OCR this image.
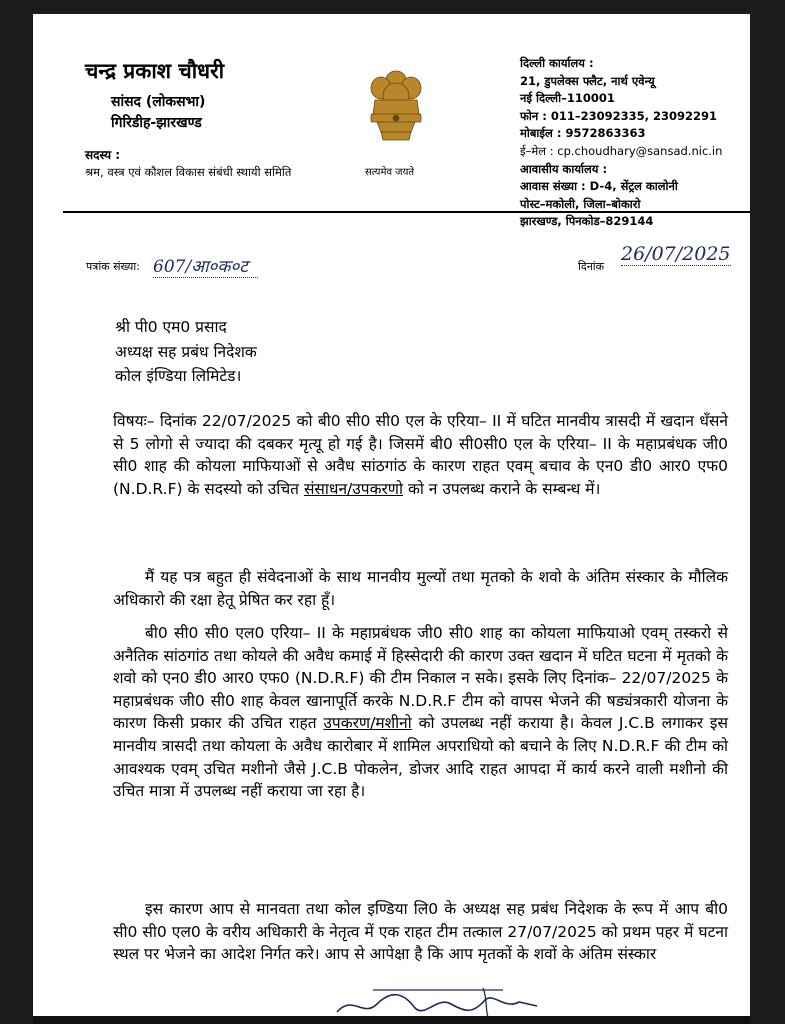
चन्द्र प्रकाश चौधरी
सांसद (लोकसभा)
गिरिडीह-झारखण्ड
सदस्य :
श्रम, वस्त्र एवं कौशल विकास संबंधी स्थायी समिति	सत्यमेव जयते
दिल्ली कार्यालय :
21, डुपलेक्स फ्लैट, नार्थ एवेन्यू
नई दिल्ली–110001
फोन : 011–23092335, 23092291
मोबाईल : 9572863363
ई–मेल : cp.choudhary@sansad.nic.in
आवासीय कार्यालय :
आवास संख्या : D-4, सेंट्रल कालोनी
पोस्ट–मकोली, जिला–बोकारो
झारखण्ड, पिनकोड–829144
पत्रांक संख्या: 607/आ०क०ट	दिनांक
26/07/2025
श्री पी0 एम0 प्रसाद
अध्यक्ष सह प्रबंध निदेशक
कोल इंण्डिया लिमिटेड।
विषयः– दिनांक 22/07/2025 को बी0 सी0 सी0 एल के एरिया– II में घटित मानवीय त्रासदी में खदान धँसने से 5 लोगो से ज्यादा की दबकर मृत्यू हो गई है। जिसमें बी0 सी0सी0 एल के एरिया– II के महाप्रबंधक जी0 सी0 शाह की कोयला माफियाओं से अवैध सांठगांठ के कारण राहत एवम् बचाव के एन0 डी0 आर0 एफ0 (N.D.R.F) के सदस्यो को उचित संसाधन/उपकरणो को न उपलब्ध कराने के सम्बन्ध में।
मैं यह पत्र बहुत ही संवेदनाओं के साथ मानवीय मुल्यों तथा मृतको के शवो के अंतिम संस्कार के मौलिक अधिकारो की रक्षा हेतू प्रेषित कर रहा हूँ।
बी0 सी0 सी0 एल0 एरिया– II के महाप्रबंधक जी0 सी0 शाह का कोयला माफियाओ एवम् तस्करो से अनैतिक सांठगांठ तथा कोयले की अवैध कमाई में हिस्सेदारी की कारण उक्त खदान में घटित घटना में मृतको के शवो को एन0 डी0 आर0 एफ0 (N.D.R.F) की टीम निकाल न सके। इसके लिए दिनांक– 22/07/2025 के महाप्रबंधक जी0 सी0 शाह केवल खानापूर्ति करके N.D.R.F टीम को वापस भेजने की षड्यंत्रकारी योजना के कारण किसी प्रकार की उचित राहत उपकरण/मशीनो को उपलब्ध नहीं कराया है। केवल J.C.B लगाकर इस मानवीय त्रासदी तथा कोयला के अवैध कारोबार में शामिल अपराधियो को बचाने के लिए N.D.R.F की टीम को आवश्यक एवम् उचित मशीनो जैसे J.C.B पोकलेन, डोजर आदि राहत आपदा में कार्य करने वाली मशीनो की उचित मात्रा में उपलब्ध नहीं कराया जा रहा है।
इस कारण आप से मानवता तथा कोल इण्डिया लि0 के अध्यक्ष सह प्रबंध निदेशक के रूप में आप बी0 सी0 सी0 एल0 के वरीय अधिकारी के नेतृत्व में एक राहत टीम तत्काल 27/07/2025 को प्रथम पहर में घटना स्थल पर भेजने का आदेश निर्गत करे। आप से आपेक्षा है कि आप मृतकों के शवों के अंतिम संस्कार
